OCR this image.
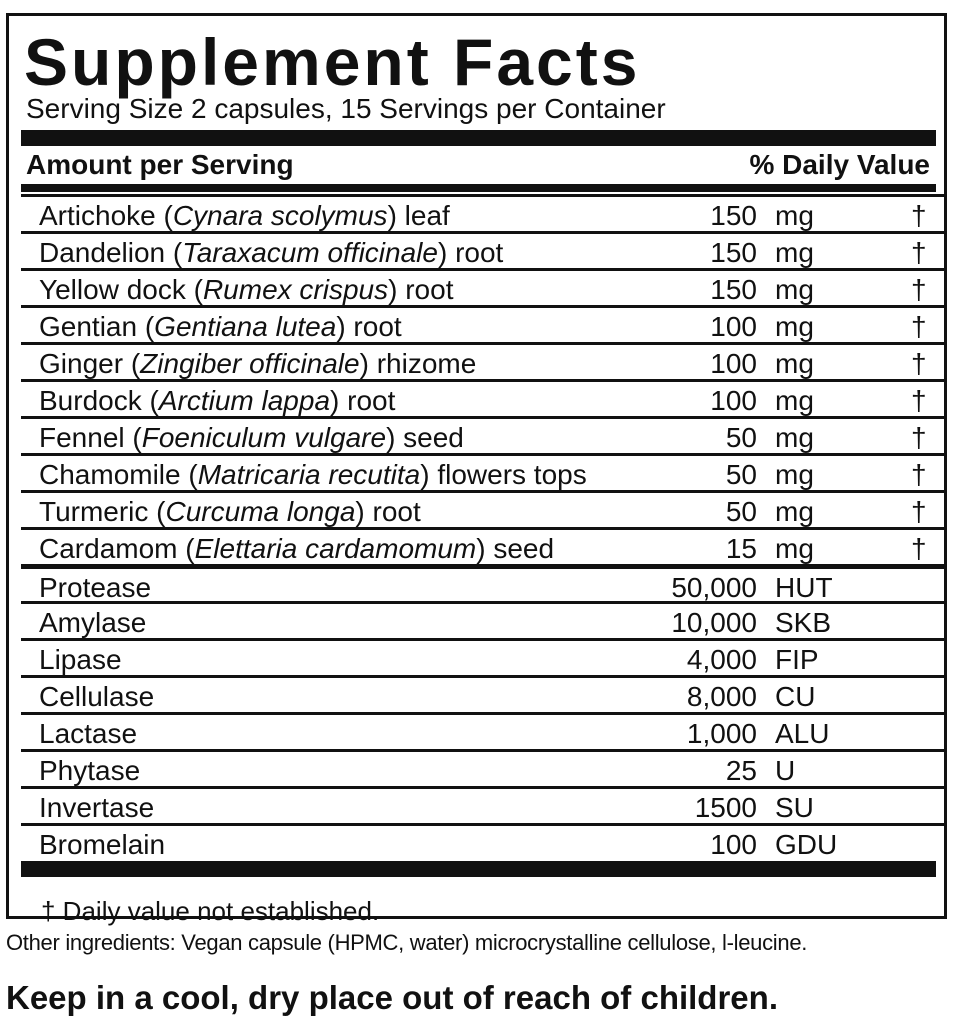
Supplement Facts
Serving Size 2 capsules, 15 Servings per Container
Amount per Serving	% Daily Value
Artichoke (Cynara scolymus) leaf	150 mg	†
Dandelion (Taraxacum officinale) root	150 mg	†
Yellow dock (Rumex crispus) root	150 mg	†
Gentian (Gentiana lutea) root	100 mg	†
Ginger (Zingiber officinale) rhizome	100 mg	†
Burdock (Arctium lappa) root	100 mg	†
Fennel (Foeniculum vulgare) seed	50 mg	†
Chamomile (Matricaria recutita) flowers tops	50 mg	†
Turmeric (Curcuma longa) root	50 mg	†
Cardamom (Elettaria cardamomum) seed	15 mg	†
Protease	50,000 HUT
Amylase	10,000 SKB
Lipase	4,000 FIP
Cellulase	8,000 CU
Lactase	1,000 ALU
Phytase	25 U
Invertase	1500 SU
Bromelain	100 GDU
† Daily value not established.
Other ingredients: Vegan capsule (HPMC, water) microcrystalline cellulose, l-leucine.
Keep in a cool, dry place out of reach of children.
